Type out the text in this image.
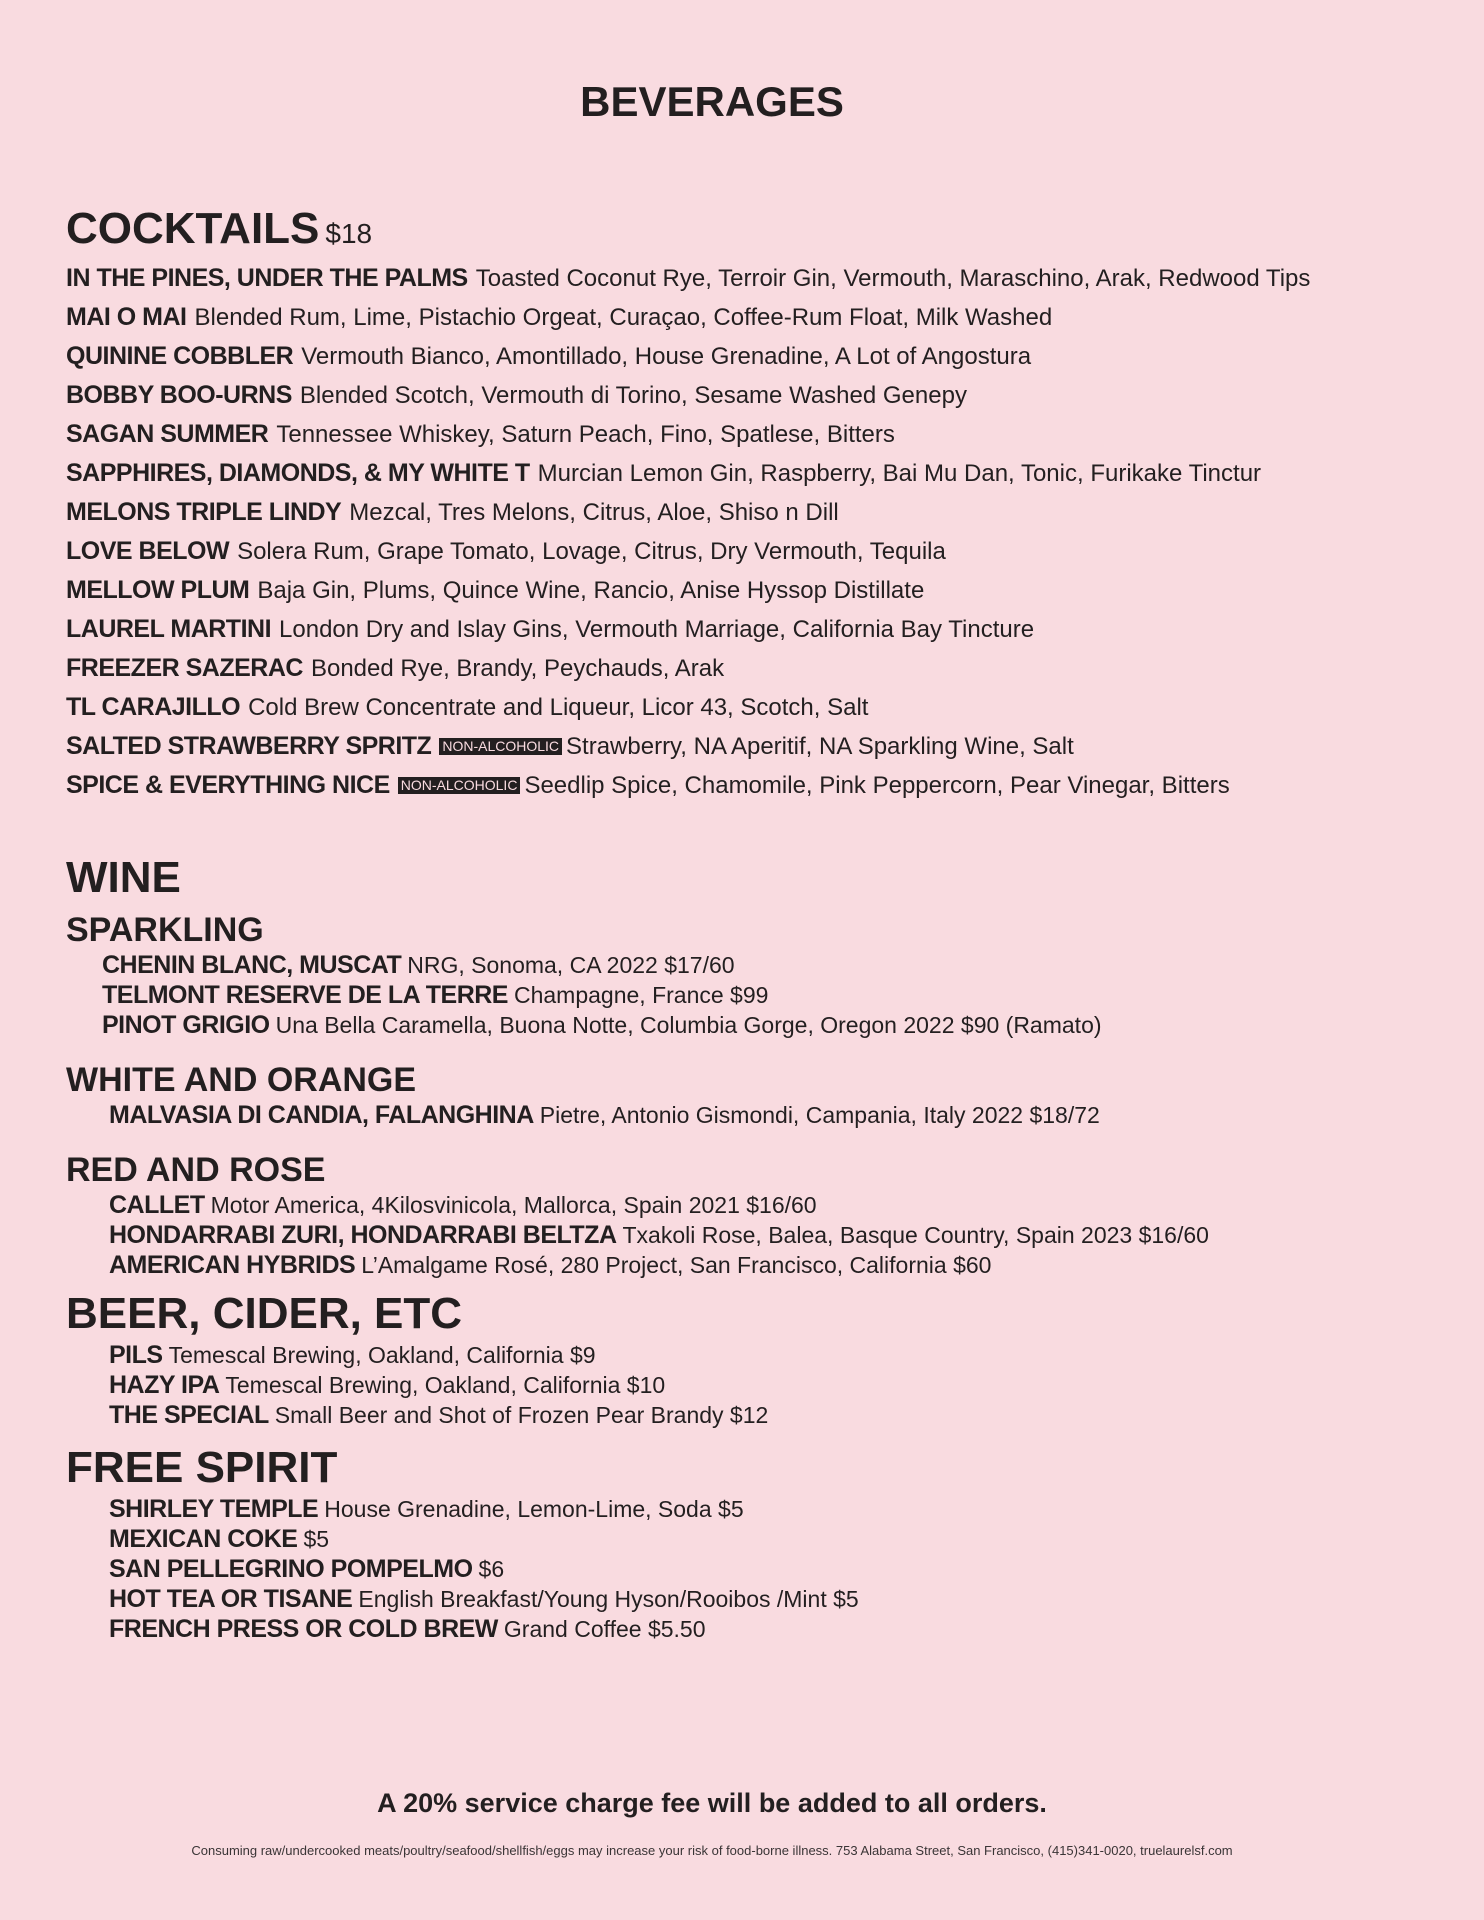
BEVERAGES
COCKTAILS $18
IN THE PINES, UNDER THE PALMS Toasted Coconut Rye, Terroir Gin, Vermouth, Maraschino, Arak, Redwood Tips
MAI O MAI Blended Rum, Lime, Pistachio Orgeat, Curaçao, Coffee-Rum Float, Milk Washed
QUININE COBBLER Vermouth Bianco, Amontillado, House Grenadine, A Lot of Angostura
BOBBY BOO-URNS Blended Scotch, Vermouth di Torino, Sesame Washed Genepy
SAGAN SUMMER Tennessee Whiskey, Saturn Peach, Fino, Spatlese, Bitters
SAPPHIRES, DIAMONDS, & MY WHITE T Murcian Lemon Gin, Raspberry, Bai Mu Dan, Tonic, Furikake Tinctur
MELONS TRIPLE LINDY Mezcal, Tres Melons, Citrus, Aloe, Shiso n Dill
LOVE BELOW Solera Rum, Grape Tomato, Lovage, Citrus, Dry Vermouth, Tequila
MELLOW PLUM Baja Gin, Plums, Quince Wine, Rancio, Anise Hyssop Distillate
LAUREL MARTINI London Dry and Islay Gins, Vermouth Marriage, California Bay Tincture
FREEZER SAZERAC Bonded Rye, Brandy, Peychauds, Arak
TL CARAJILLO Cold Brew Concentrate and Liqueur, Licor 43, Scotch, Salt
SALTED STRAWBERRY SPRITZ NON-ALCOHOLIC Strawberry, NA Aperitif, NA Sparkling Wine, Salt
SPICE & EVERYTHING NICE NON-ALCOHOLIC Seedlip Spice, Chamomile, Pink Peppercorn, Pear Vinegar, Bitters
WINE
SPARKLING
CHENIN BLANC, MUSCAT NRG, Sonoma, CA 2022 $17/60
TELMONT RESERVE DE LA TERRE Champagne, France $99
PINOT GRIGIO Una Bella Caramella, Buona Notte, Columbia Gorge, Oregon 2022 $90 (Ramato)
WHITE AND ORANGE
MALVASIA DI CANDIA, FALANGHINA Pietre, Antonio Gismondi, Campania, Italy 2022 $18/72
RED AND ROSE
CALLET Motor America, 4Kilosvinicola, Mallorca, Spain 2021 $16/60
HONDARRABI ZURI, HONDARRABI BELTZA Txakoli Rose, Balea, Basque Country, Spain 2023 $16/60
AMERICAN HYBRIDS L’Amalgame Rosé, 280 Project, San Francisco, California $60
BEER, CIDER, ETC
PILS Temescal Brewing, Oakland, California $9
HAZY IPA Temescal Brewing, Oakland, California $10
THE SPECIAL Small Beer and Shot of Frozen Pear Brandy $12
FREE SPIRIT
SHIRLEY TEMPLE House Grenadine, Lemon-Lime, Soda $5
MEXICAN COKE $5
SAN PELLEGRINO POMPELMO $6
HOT TEA OR TISANE English Breakfast/Young Hyson/Rooibos /Mint $5
FRENCH PRESS OR COLD BREW Grand Coffee $5.50
A 20% service charge fee will be added to all orders.
Consuming raw/undercooked meats/poultry/seafood/shellfish/eggs may increase your risk of food-borne illness. 753 Alabama Street, San Francisco, (415)341-0020, truelaurelsf.com
